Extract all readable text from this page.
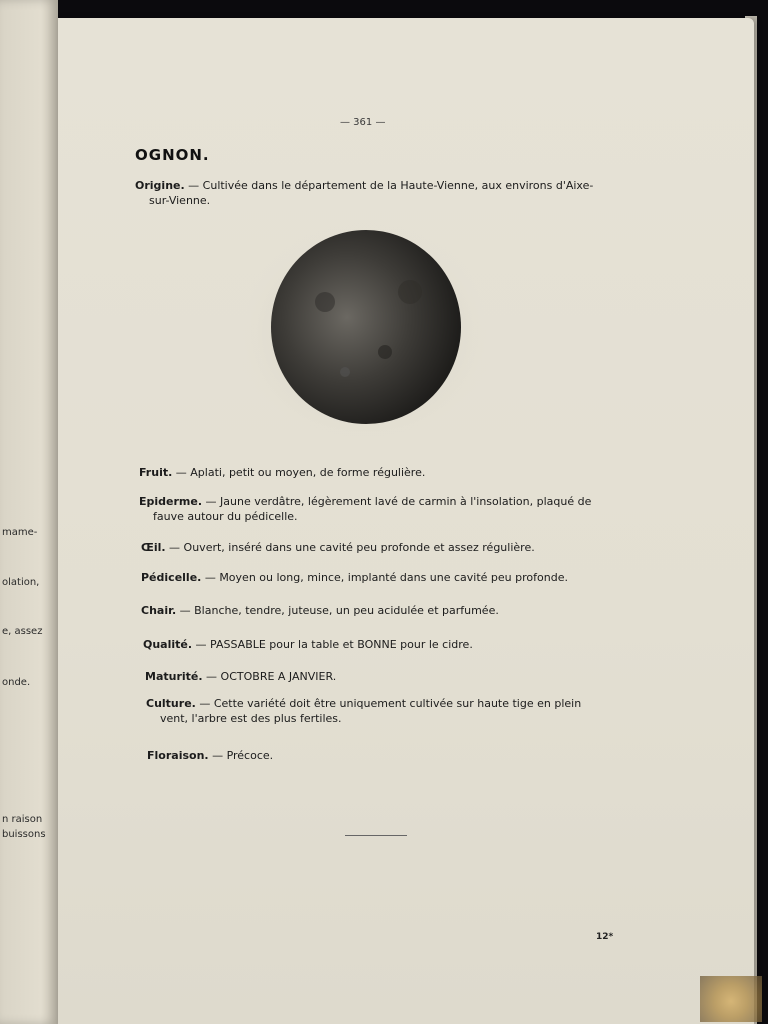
mame-
olation,
e, assez
onde.
n raison
buissons
— 361 —
OGNON.
Origine. — Cultivée dans le département de la Haute-Vienne, aux environs d'Aixe-
sur-Vienne.
Fruit. — Aplati, petit ou moyen, de forme régulière.
Epiderme. — Jaune verdâtre, légèrement lavé de carmin à l'insolation, plaqué de
fauve autour du pédicelle.
Œil. — Ouvert, inséré dans une cavité peu profonde et assez régulière.
Pédicelle. — Moyen ou long, mince, implanté dans une cavité peu profonde.
Chair. — Blanche, tendre, juteuse, un peu acidulée et parfumée.
Qualité. — PASSABLE pour la table et BONNE pour le cidre.
Maturité. — OCTOBRE A JANVIER.
Culture. — Cette variété doit être uniquement cultivée sur haute tige en plein
vent, l'arbre est des plus fertiles.
Floraison. — Précoce.
12*
